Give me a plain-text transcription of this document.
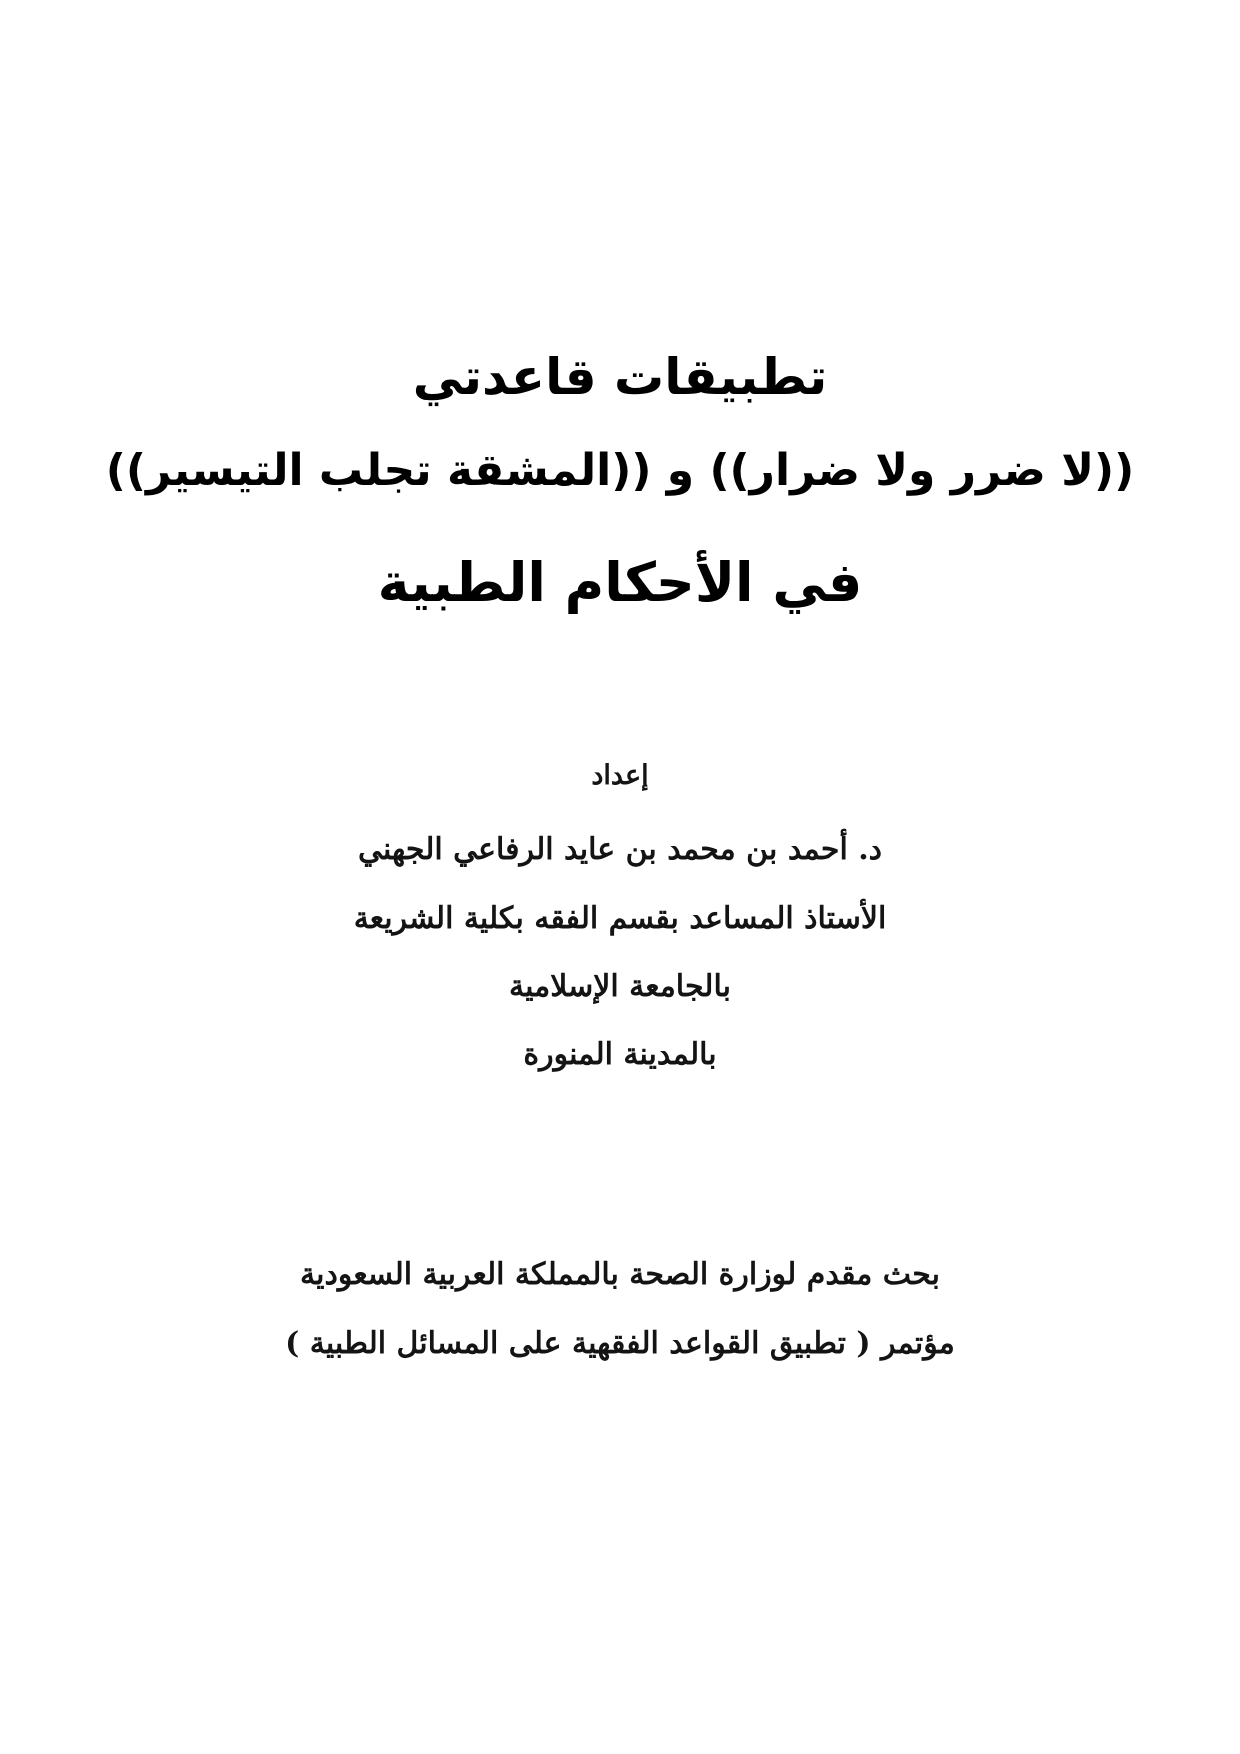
تطبيقات قاعدتي
((لا ضرر ولا ضرار)) و ((المشقة تجلب التيسير))
في الأحكام الطبية
إعداد
د. أحمد بن محمد بن عايد الرفاعي الجهني
الأستاذ المساعد بقسم الفقه بكلية الشريعة
بالجامعة الإسلامية
بالمدينة المنورة
بحث مقدم لوزارة الصحة بالمملكة العربية السعودية
مؤتمر ( تطبيق القواعد الفقهية على المسائل الطبية )
